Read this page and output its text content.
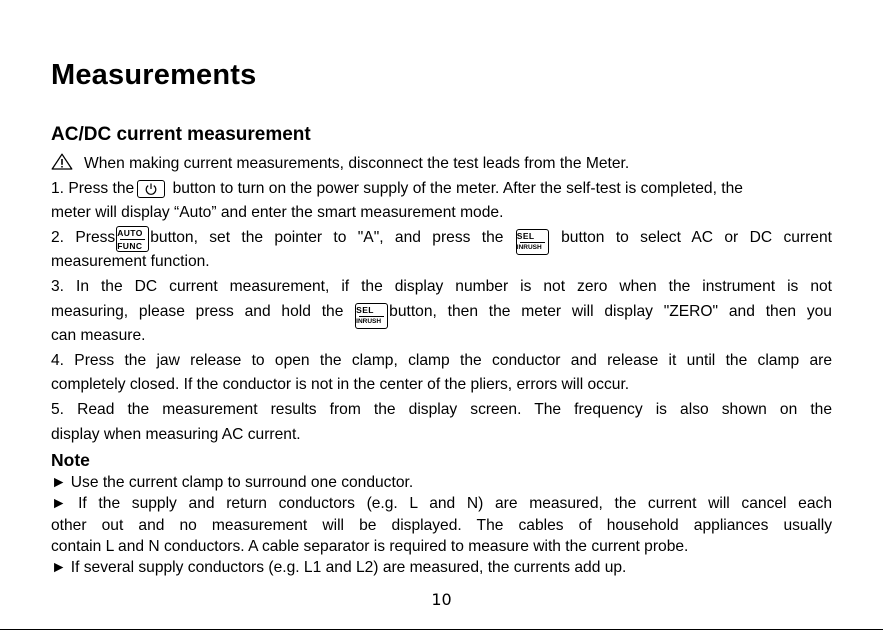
Measurements
AC/DC current measurement
When making current measurements, disconnect the test leads from the Meter.
1. Press the button to turn on the power supply of the meter. After the self-test is completed, the
meter will display “Auto” and enter the smart measurement mode.
2. Press AUTO
FUNC button, set the pointer to "A", and press the SEL
INRUSH
button to select AC or DC current
measurement function.
3. In the DC current measurement, if the display number is not zero when the instrument is not
measuring, please press and hold the SEL
INRUSH
button, then the meter will display "ZERO" and then you
can measure.
4. Press the jaw release to open the clamp, clamp the conductor and release it until the clamp are
completely closed. If the conductor is not in the center of the pliers, errors will occur.
5. Read the measurement results from the display screen. The frequency is also shown on the
display when measuring AC current.
Note
► Use the current clamp to surround one conductor.
► If the supply and return conductors (e.g. L and N) are measured, the current will cancel each
other out and no measurement will be displayed. The cables of household appliances usually
contain L and N conductors. A cable separator is required to measure with the current probe.
► If several supply conductors (e.g. L1 and L2) are measured, the currents add up.
10
